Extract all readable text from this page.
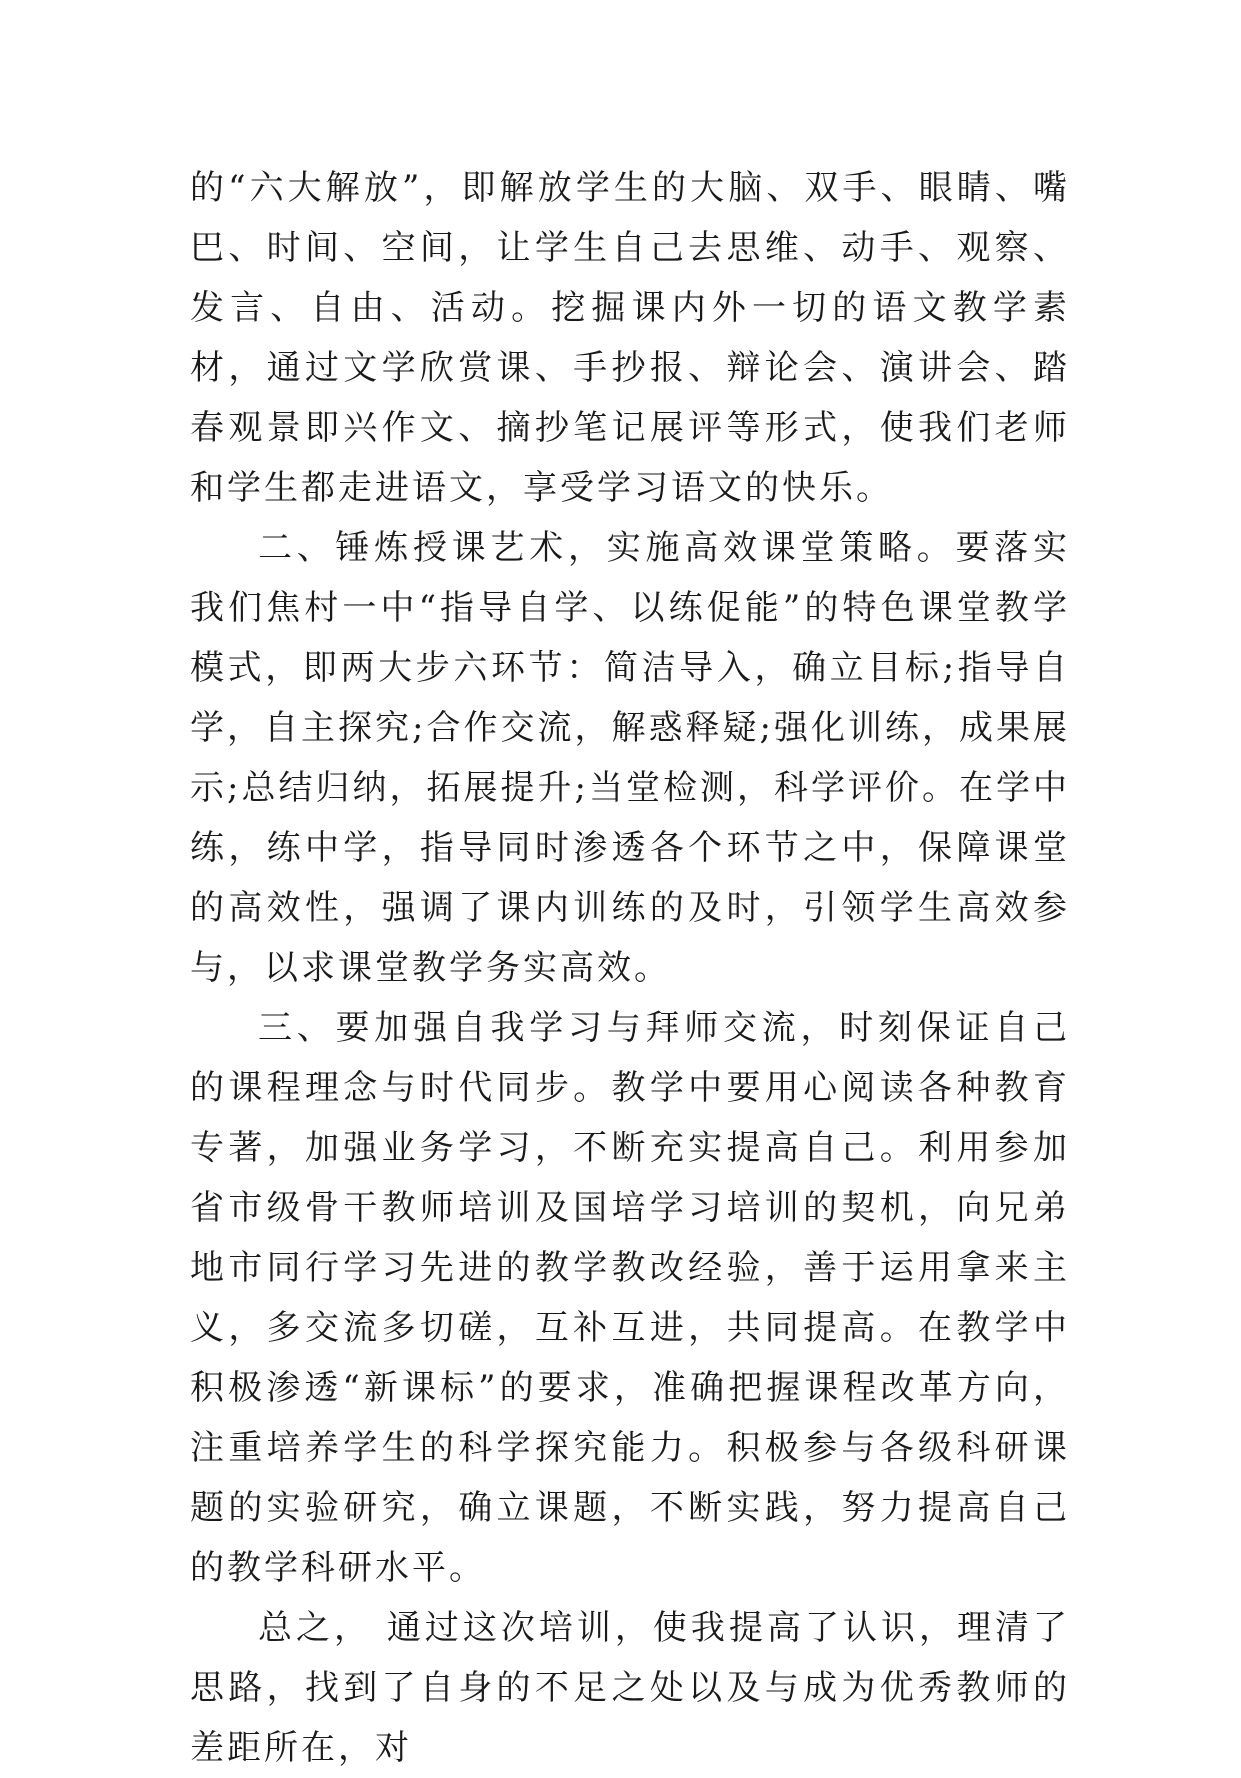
的“六大解放”，即解放学生的大脑、双手、眼睛、嘴巴、时间、空间，让学生自己去思维、动手、观察、发言、自由、活动。挖掘课内外一切的语文教学素材，通过文学欣赏课、手抄报、辩论会、演讲会、踏春观景即兴作文、摘抄笔记展评等形式，使我们老师和学生都走进语文，享受学习语文的快乐。

二、锤炼授课艺术，实施高效课堂策略。要落实我们焦村一中“指导自学、以练促能”的特色课堂教学模式，即两大步六环节：简洁导入，确立目标;指导自学，自主探究;合作交流，解惑释疑;强化训练，成果展示;总结归纳，拓展提升;当堂检测，科学评价。在学中练，练中学，指导同时渗透各个环节之中，保障课堂的高效性，强调了课内训练的及时，引领学生高效参与，以求课堂教学务实高效。

三、要加强自我学习与拜师交流，时刻保证自己的课程理念与时代同步。教学中要用心阅读各种教育专著，加强业务学习，不断充实提高自己。利用参加省市级骨干教师培训及国培学习培训的契机，向兄弟地市同行学习先进的教学教改经验，善于运用拿来主义，多交流多切磋，互补互进，共同提高。在教学中积极渗透“新课标”的要求，准确把握课程改革方向，注重培养学生的科学探究能力。积极参与各级科研课题的实验研究，确立课题，不断实践，努力提高自己的教学科研水平。

总之， 通过这次培训，使我提高了认识，理清了思路，找到了自身的不足之处以及与成为优秀教师的差距所在，对
